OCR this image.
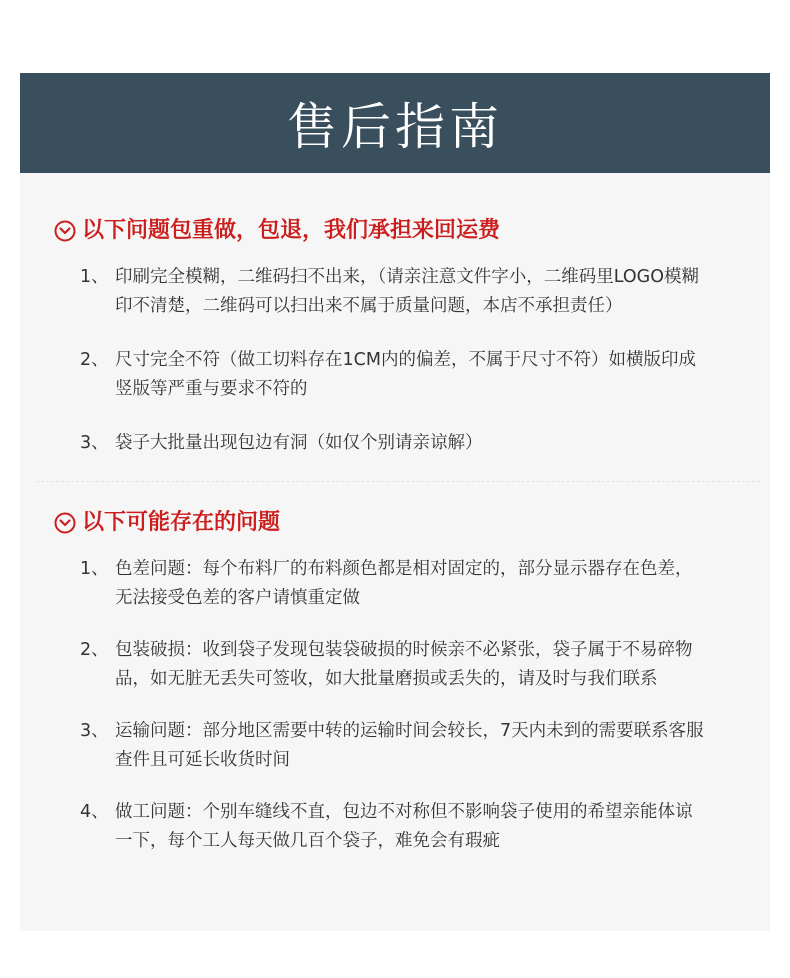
售后指南
以下问题包重做，包退，我们承担来回运费
1、 印刷完全模糊，二维码扫不出来，（请亲注意文件字小，二维码里LOGO模糊印不清楚，二维码可以扫出来不属于质量问题，本店不承担责任）
2、 尺寸完全不符（做工切料存在1CM内的偏差，不属于尺寸不符）如横版印成竖版等严重与要求不符的
3、 袋子大批量出现包边有洞（如仅个别请亲谅解）
以下可能存在的问题
1、 色差问题：每个布料厂的布料颜色都是相对固定的，部分显示器存在色差，无法接受色差的客户请慎重定做
2、 包装破损：收到袋子发现包装袋破损的时候亲不必紧张，袋子属于不易碎物品，如无脏无丢失可签收，如大批量磨损或丢失的，请及时与我们联系
3、 运输问题：部分地区需要中转的运输时间会较长，7天内未到的需要联系客服查件且可延长收货时间
4、 做工问题：个别车缝线不直，包边不对称但不影响袋子使用的希望亲能体谅一下，每个工人每天做几百个袋子，难免会有瑕疵
